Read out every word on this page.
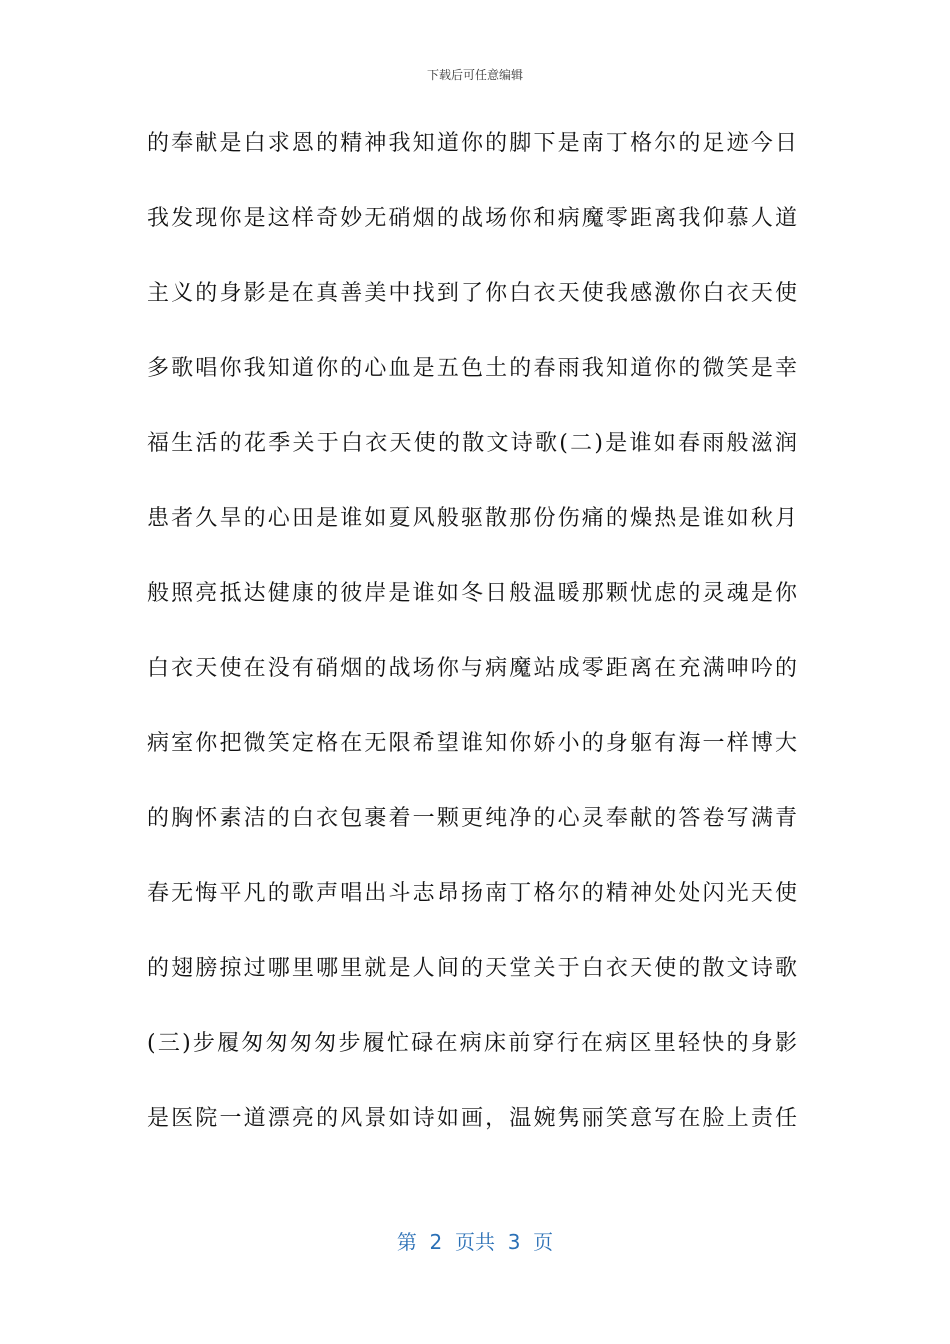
下载后可任意编辑
的奉献是白求恩的精神我知道你的脚下是南丁格尔的足迹今日
我发现你是这样奇妙无硝烟的战场你和病魔零距离我仰慕人道
主义的身影是在真善美中找到了你白衣天使我感激你白衣天使
多歌唱你我知道你的心血是五色土的春雨我知道你的微笑是幸
福生活的花季关于白衣天使的散文诗歌(二)是谁如春雨般滋润
患者久旱的心田是谁如夏风般驱散那份伤痛的燥热是谁如秋月
般照亮抵达健康的彼岸是谁如冬日般温暖那颗忧虑的灵魂是你
白衣天使在没有硝烟的战场你与病魔站成零距离在充满呻吟的
病室你把微笑定格在无限希望谁知你娇小的身躯有海一样博大
的胸怀素洁的白衣包裹着一颗更纯净的心灵奉献的答卷写满青
春无悔平凡的歌声唱出斗志昂扬南丁格尔的精神处处闪光天使
的翅膀掠过哪里哪里就是人间的天堂关于白衣天使的散文诗歌
(三)步履匆匆匆匆步履忙碌在病床前穿行在病区里轻快的身影
是医院一道漂亮的风景如诗如画，温婉隽丽笑意写在脸上责任
第  2  页共  3  页
